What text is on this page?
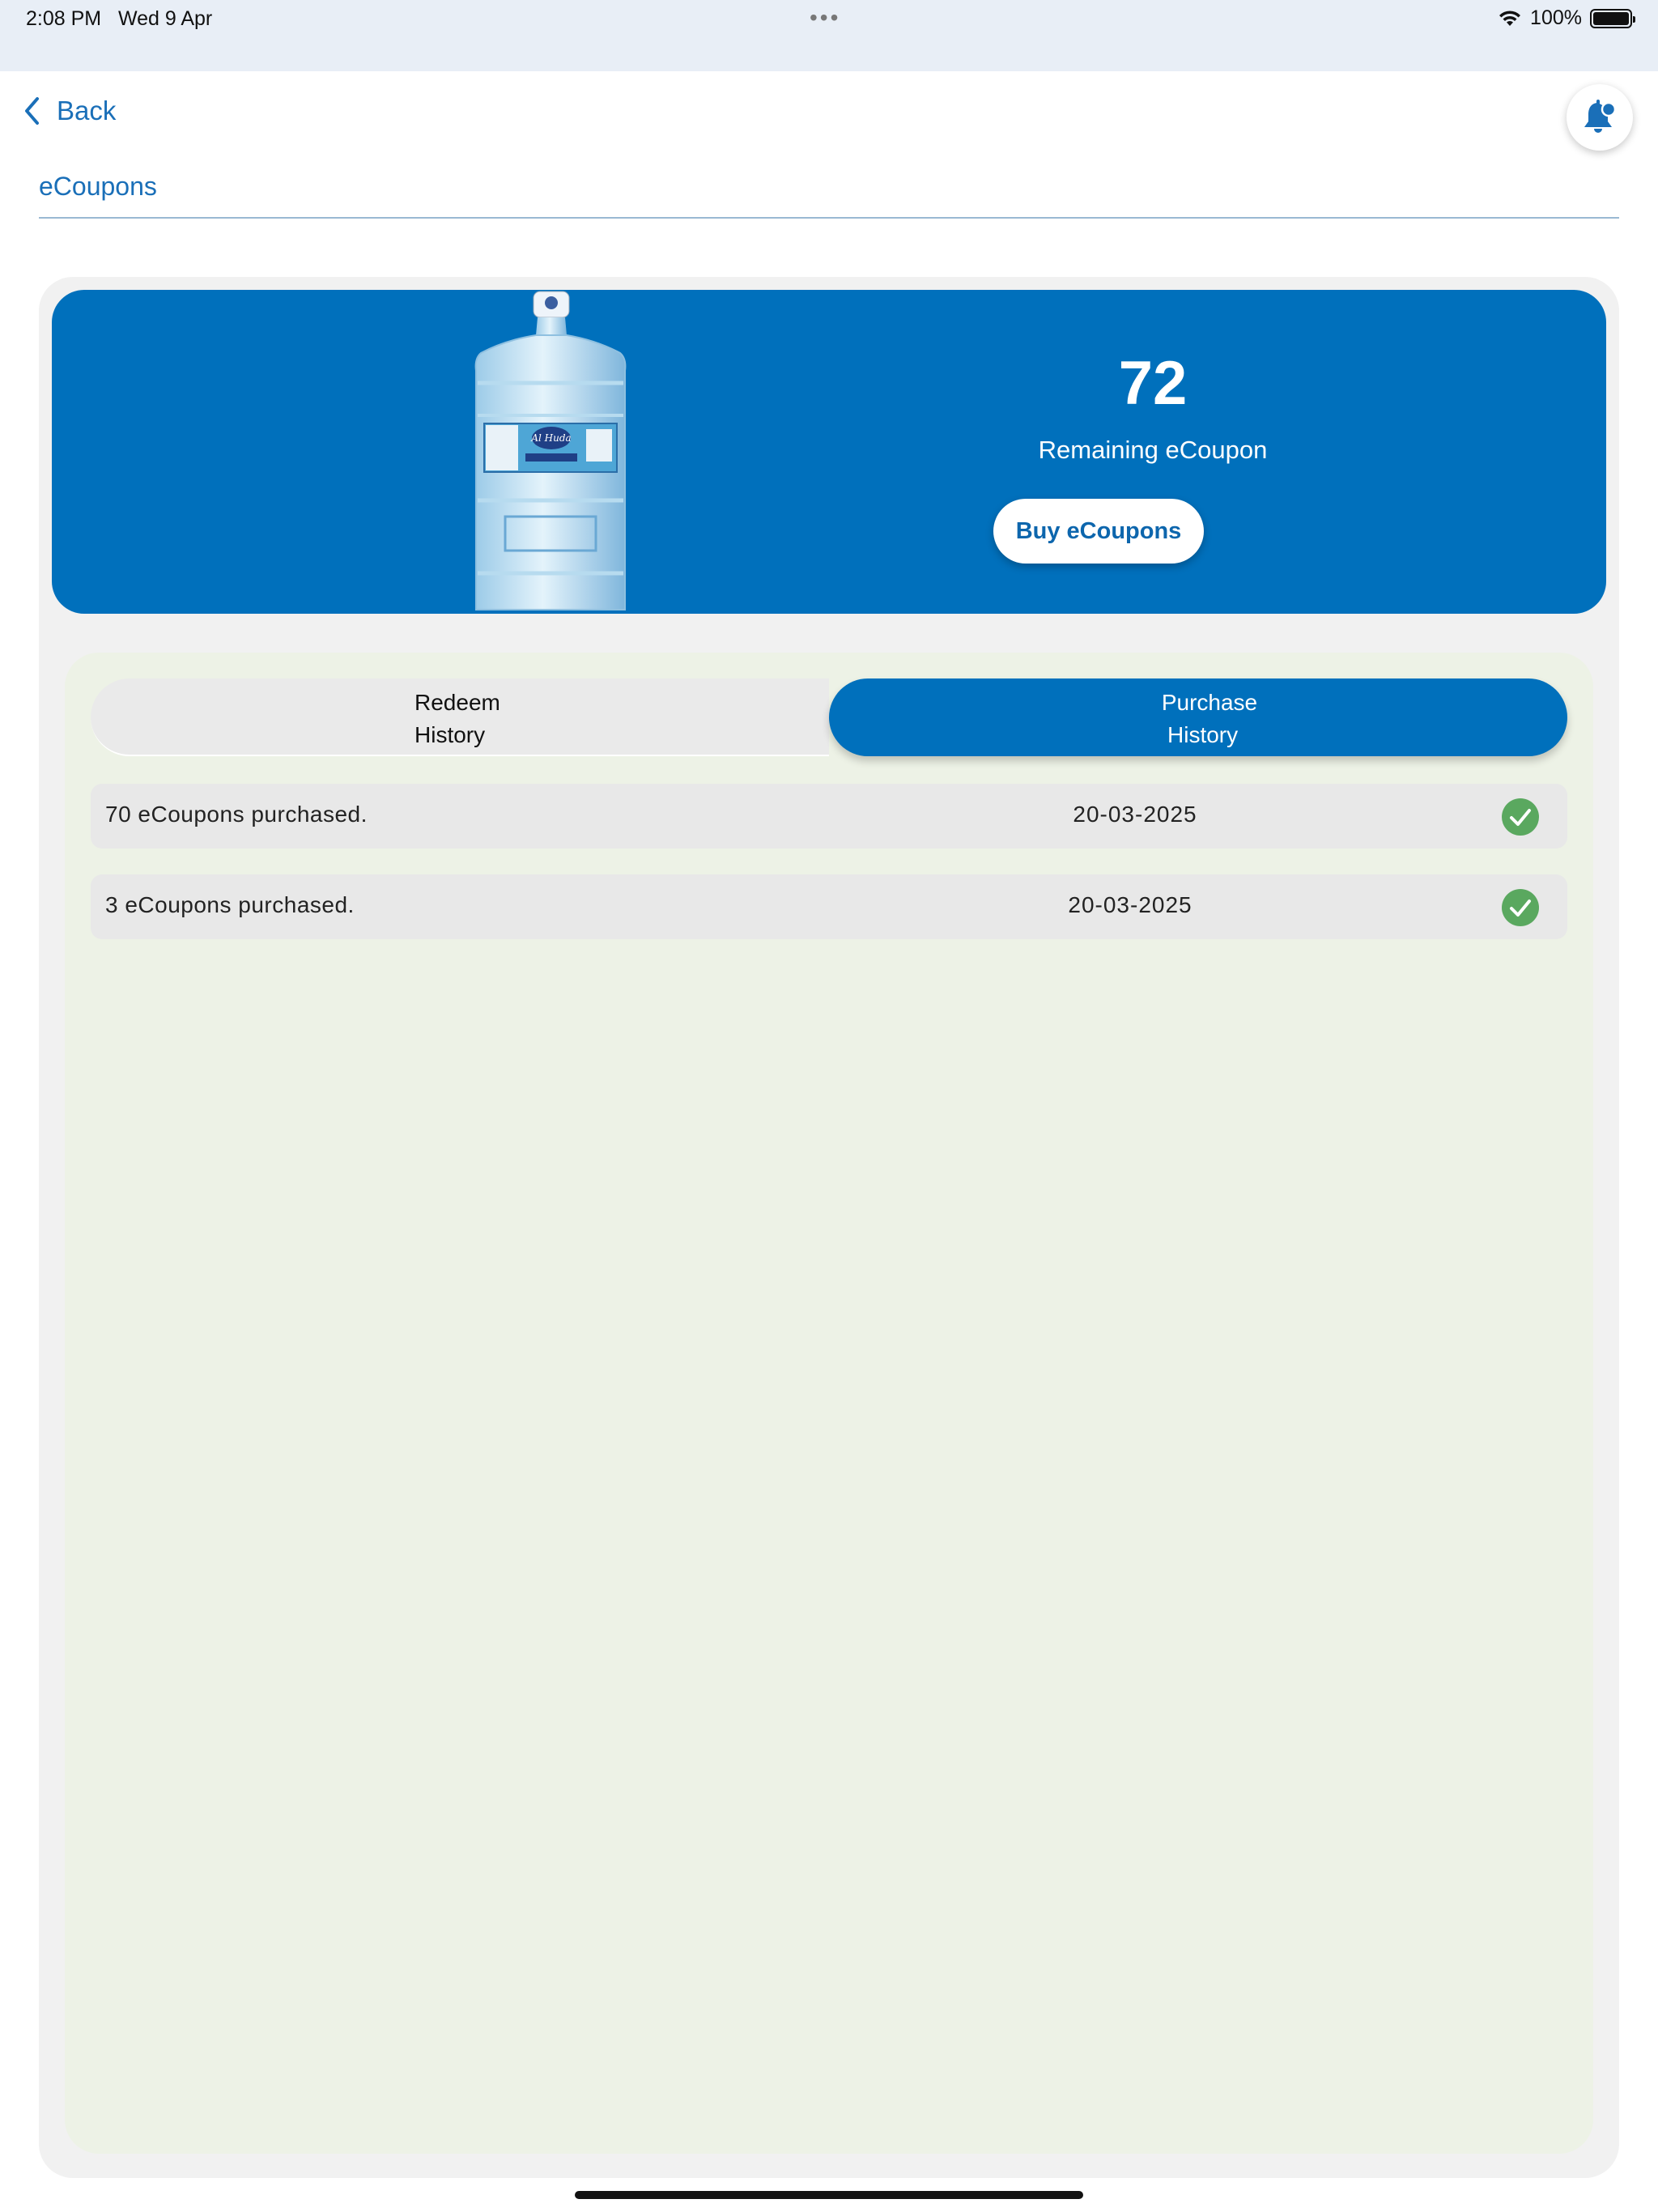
2:08 PM Wed 9 Apr	•••	100%
Back
eCoupons
Al Huda
72
Remaining eCoupon
Buy eCoupons
Redeem
History
Purchase
History
70 eCoupons purchased.	20-03-2025
3 eCoupons purchased.	20-03-2025
